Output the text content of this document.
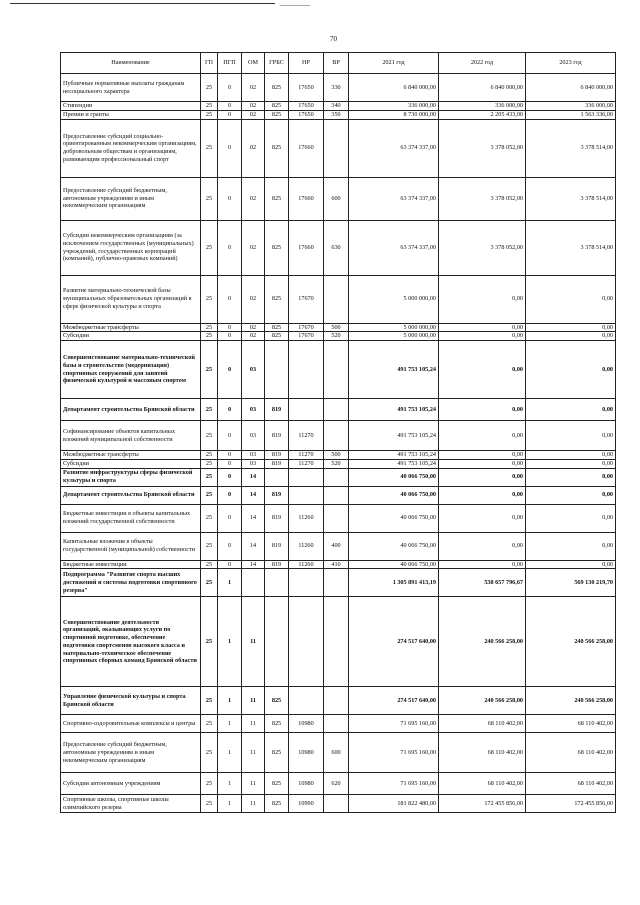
70
Наименование	ГП	ПГП	ОМ	ГРБС	НР	ВР	2021 год	2022 год	2023 год
Публичные нормативные выплаты гражданам несоциального характера	25	0	02	825	17650	330	6 840 000,00	6 840 000,00	6 840 000,00
Стипендии	25	0	02	825	17650	340	336 000,00	336 000,00	336 000,00
Премии и гранты	25	0	02	825	17650	350	8 730 000,00	2 205 433,00	1 563 336,00
Предоставление субсидий социально-ориентированным некоммерческим организациям, добровольным обществам и организациям, развивающим профессиональный спорт	25	0	02	825	17660		63 374 337,00	3 378 052,00	3 378 514,00
Предоставление субсидий бюджетным, автономным учреждениям и иным некоммерческим организациям	25	0	02	825	17660	600	63 374 337,00	3 378 052,00	3 378 514,00
Субсидии некоммерческим организациям (за исключением государственных (муниципальных) учреждений, государственных корпораций (компаний), публично-правовых компаний)	25	0	02	825	17660	630	63 374 337,00	3 378 052,00	3 378 514,00
Развитие материально-технической базы муниципальных образовательных организаций в сфере физической культуры и спорта	25	0	02	825	17670		5 000 000,00	0,00	0,00
Межбюджетные трансферты	25	0	02	825	17670	500	5 000 000,00	0,00	0,00
Субсидии	25	0	02	825	17670	520	5 000 000,00	0,00	0,00
Совершенствование материально-технической базы и строительство (модернизация) спортивных сооружений для занятий физической культурой и массовым спортом	25	0	03				491 753 105,24	0,00	0,00
Департамент строительства Брянской области	25	0	03	819			491 753 105,24	0,00	0,00
Софинансирование объектов капитальных вложений муниципальной собственности	25	0	03	819	11270		491 753 105,24	0,00	0,00
Межбюджетные трансферты	25	0	03	819	11270	500	491 753 105,24	0,00	0,00
Субсидии	25	0	03	819	11270	520	491 753 105,24	0,00	0,00
Развитие инфраструктуры сферы физической культуры и спорта	25	0	14				40 066 750,00	0,00	0,00
Департамент строительства Брянской области	25	0	14	819			40 066 750,00	0,00	0,00
Бюджетные инвестиции в объекты капитальных вложений государственной собственности	25	0	14	819	11260		40 066 750,00	0,00	0,00
Капитальные вложения в объекты государственной (муниципальной) собственности	25	0	14	819	11260	400	40 066 750,00	0,00	0,00
Бюджетные инвестиции	25	0	14	819	11260	410	40 066 750,00	0,00	0,00
Подпрограмма "Развитие спорта высших достижений и системы подготовки спортивного резерва"	25	1					1 305 891 413,19	538 657 796,67	569 130 219,70
Совершенствование деятельности организаций, оказывающих услуги по спортивной подготовке, обеспечение подготовки спортсменов высокого класса и материально-техническое обеспечение спортивных сборных команд Брянской области	25	1	11				274 517 640,00	240 566 258,00	240 566 258,00
Управление физической культуры и спорта Брянской области	25	1	11	825			274 517 640,00	240 566 258,00	240 566 258,00
Спортивно-оздоровительные комплексы и центры	25	1	11	825	10980		71 695 160,00	68 110 402,00	68 110 402,00
Предоставление субсидий бюджетным, автономным учреждениям и иным некоммерческим организациям	25	1	11	825	10980	600	71 695 160,00	68 110 402,00	68 110 402,00
Субсидии автономным учреждениям	25	1	11	825	10980	620	71 695 160,00	68 110 402,00	68 110 402,00
Спортивные школы, спортивные школы олимпийского резерва	25	1	11	825	10990		181 822 480,00	172 455 856,00	172 455 856,00
